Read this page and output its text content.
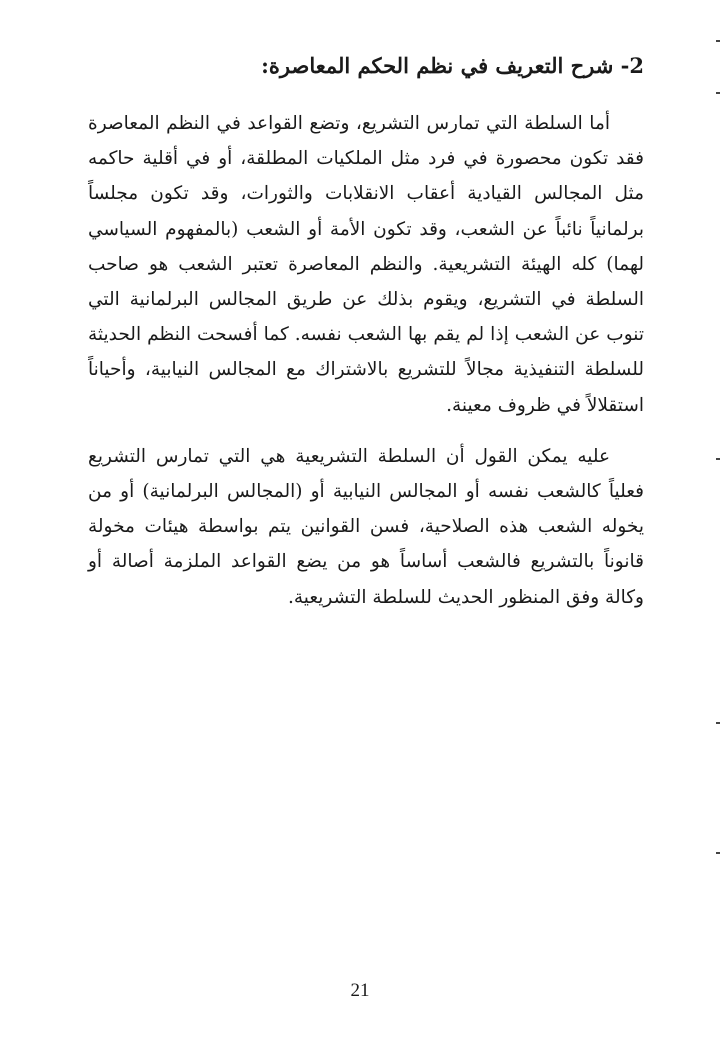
2- شرح التعريف في نظم الحكم المعاصرة:

أما السلطة التي تمارس التشريع، وتضع القواعد في النظم المعاصرة فقد تكون محصورة في فرد مثل الملكيات المطلقة، أو في أقلية حاكمه مثل المجالس القيادية أعقاب الانقلابات والثورات، وقد تكون مجلساً برلمانياً نائباً عن الشعب، وقد تكون الأمة أو الشعب (بالمفهوم السياسي لهما) كله الهيئة التشريعية. والنظم المعاصرة تعتبر الشعب هو صاحب السلطة في التشريع، ويقوم بذلك عن طريق المجالس البرلمانية التي تنوب عن الشعب إذا لم يقم بها الشعب نفسه. كما أفسحت النظم الحديثة للسلطة التنفيذية مجالاً للتشريع بالاشتراك مع المجالس النيابية، وأحياناً استقلالاً في ظروف معينة.

عليه يمكن القول أن السلطة التشريعية هي التي تمارس التشريع فعلياً كالشعب نفسه أو المجالس النيابية أو (المجالس البرلمانية) أو من يخوله الشعب هذه الصلاحية، فسن القوانين يتم بواسطة هيئات مخولة قانوناً بالتشريع فالشعب أساساً هو من يضع القواعد الملزمة أصالة أو وكالة وفق المنظور الحديث للسلطة التشريعية.

21
